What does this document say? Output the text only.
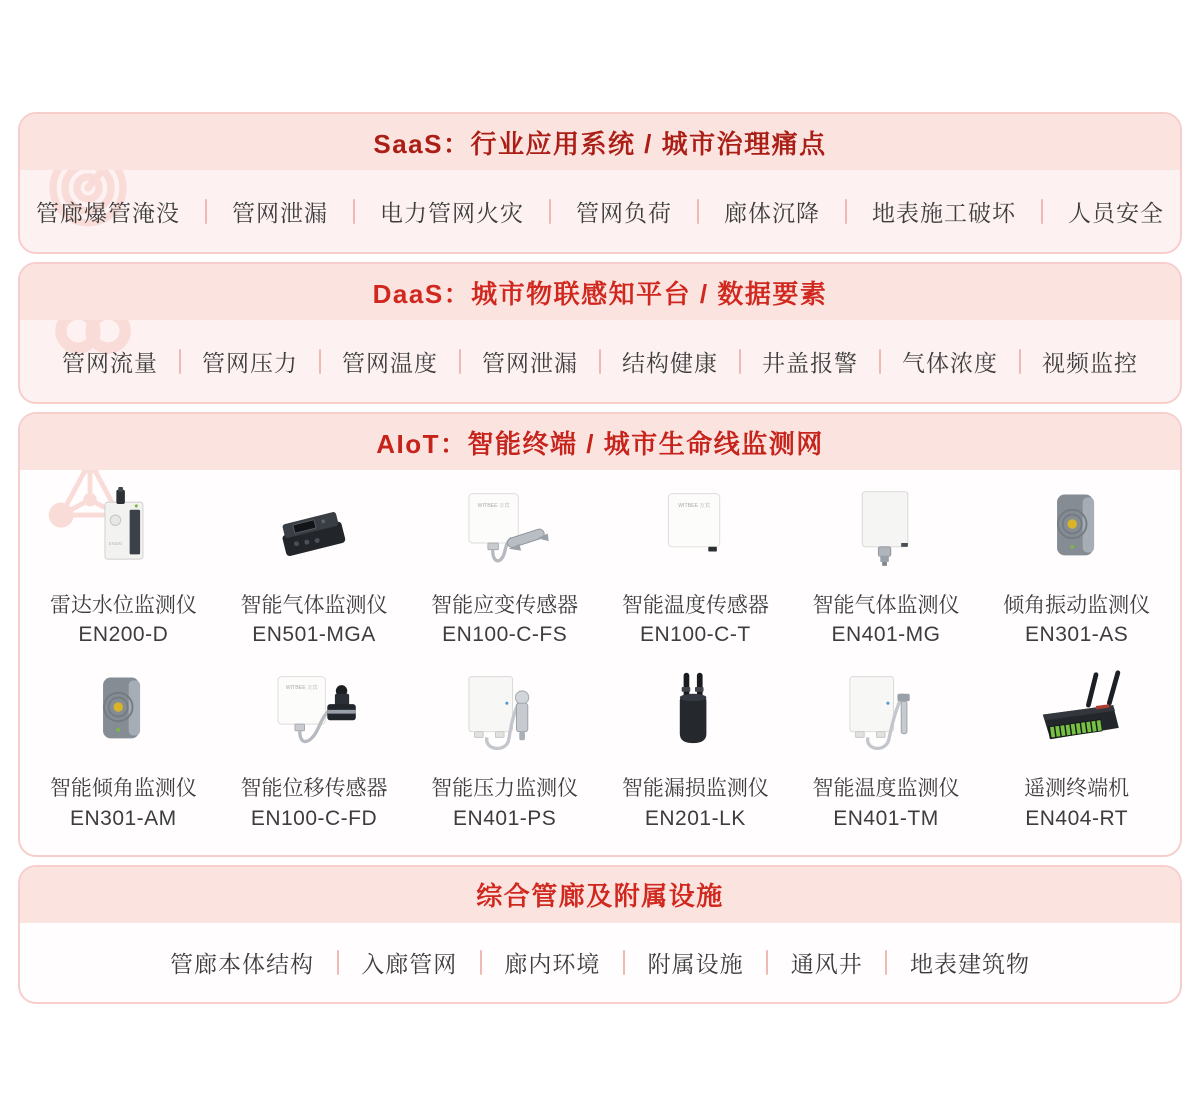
SaaS：行业应用系统 / 城市治理痛点
管廊爆管淹没 管网泄漏 电力管网火灾 管网负荷 廊体沉降 地表施工破坏 人员安全
DaaS：城市物联感知平台 / 数据要素
管网流量 管网压力 管网温度 管网泄漏 结构健康 井盖报警 气体浓度 视频监控
AIoT：智能终端 / 城市生命线监测网
EN200
雷达水位监测仪
EN200-D
智能气体监测仪
EN501-MGA
WITBEE 万宾
智能应变传感器
EN100-C-FS
WITBEE 万宾
智能温度传感器
EN100-C-T
智能气体监测仪
EN401-MG
倾角振动监测仪
EN301-AS
智能倾角监测仪
EN301-AM
WITBEE 万宾
智能位移传感器
EN100-C-FD
智能压力监测仪
EN401-PS
智能漏损监测仪
EN201-LK
智能温度监测仪
EN401-TM
遥测终端机
EN404-RT
综合管廊及附属设施
管廊本体结构 入廊管网 廊内环境 附属设施 通风井 地表建筑物
